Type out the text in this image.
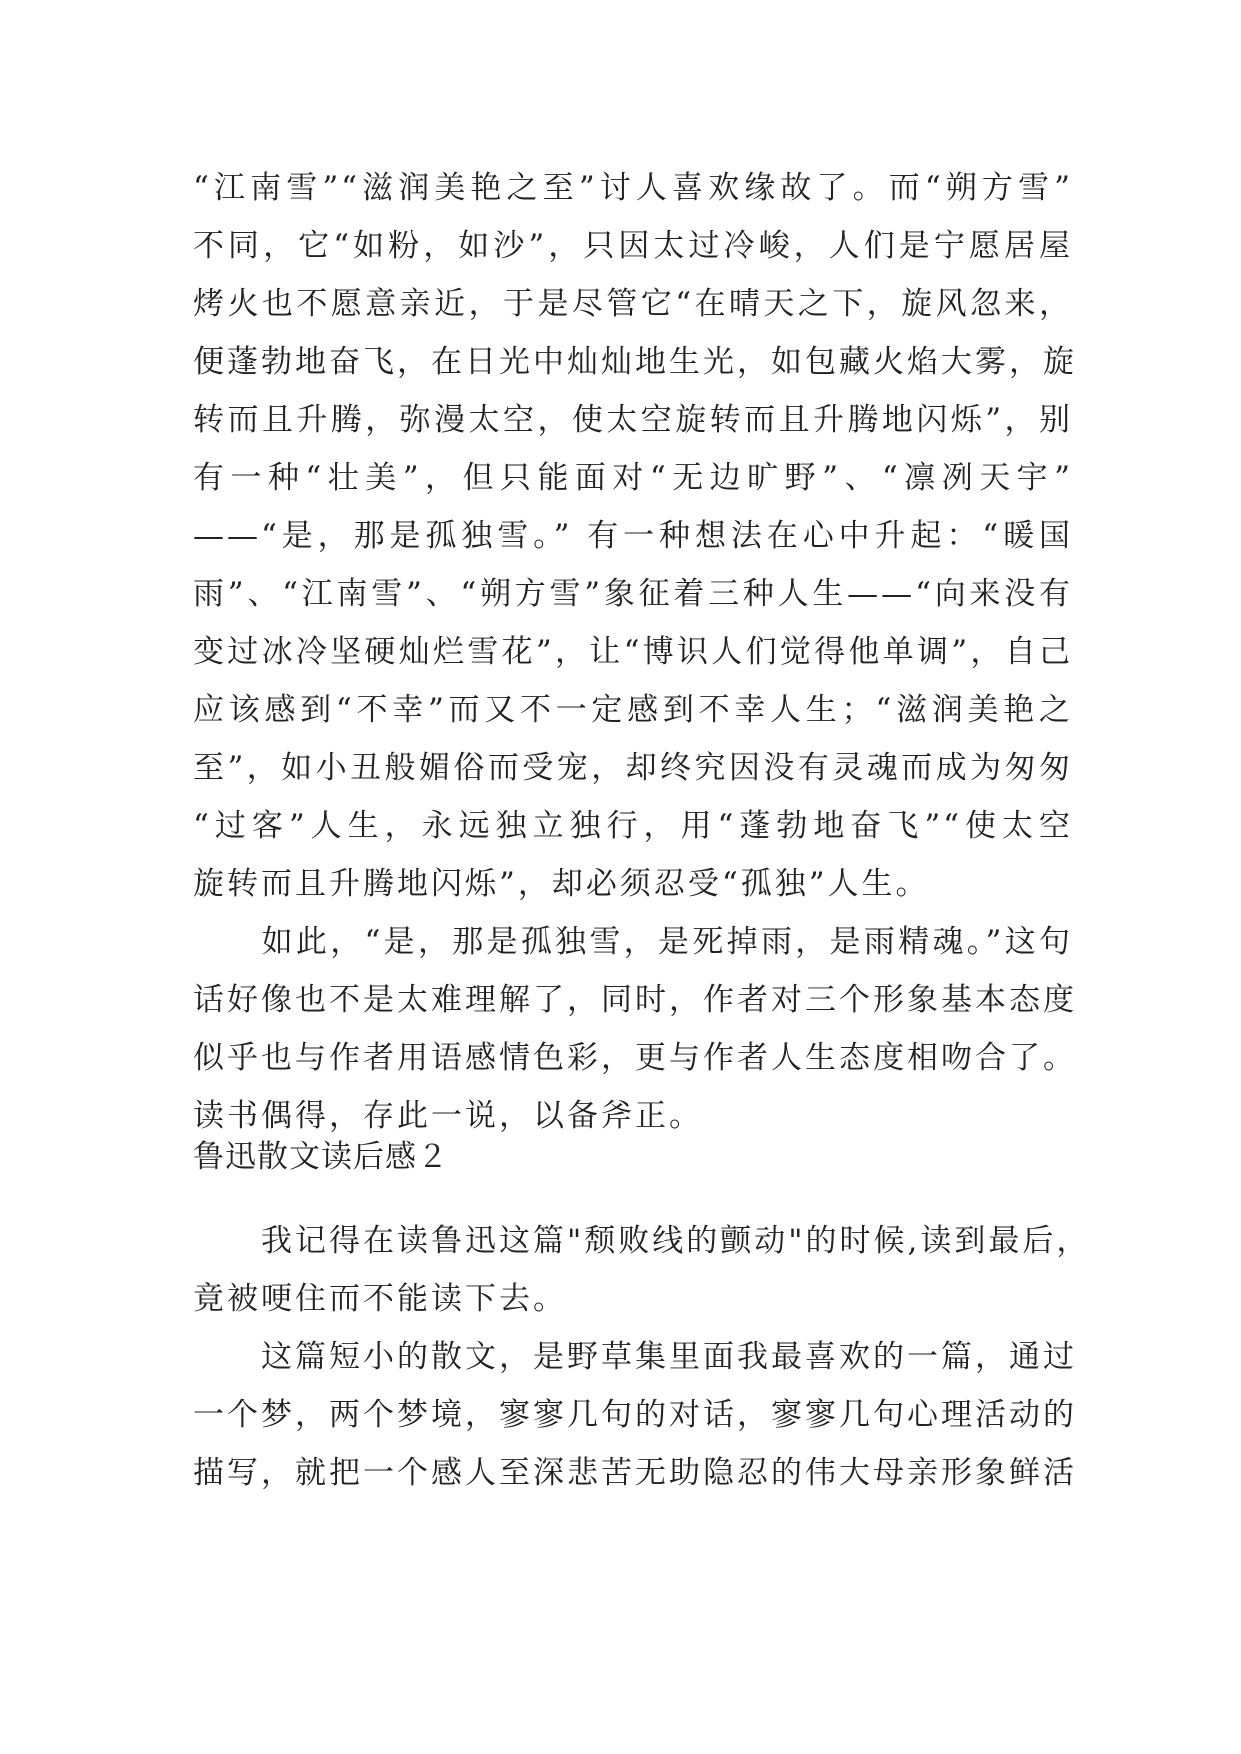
“江南雪”“滋润美艳之至”讨人喜欢缘故了。而“朔方雪”
不同，它“如粉，如沙”，只因太过冷峻，人们是宁愿居屋
烤火也不愿意亲近，于是尽管它“在晴天之下，旋风忽来，
便蓬勃地奋飞，在日光中灿灿地生光，如包藏火焰大雾，旋
转而且升腾，弥漫太空，使太空旋转而且升腾地闪烁”，别
有一种“壮美”，但只能面对“无边旷野”、“凛冽天宇”
——“是，那是孤独雪。” 有一种想法在心中升起：“暖国
雨”、“江南雪”、“朔方雪”象征着三种人生——“向来没有
变过冰冷坚硬灿烂雪花”，让“博识人们觉得他单调”，自己
应该感到“不幸”而又不一定感到不幸人生；“滋润美艳之
至”，如小丑般媚俗而受宠，却终究因没有灵魂而成为匆匆
“过客”人生，永远独立独行，用“蓬勃地奋飞”“使太空
旋转而且升腾地闪烁”，却必须忍受“孤独”人生。
　　如此，“是，那是孤独雪，是死掉雨，是雨精魂。”这句
话好像也不是太难理解了，同时，作者对三个形象基本态度
似乎也与作者用语感情色彩，更与作者人生态度相吻合了。
读书偶得，存此一说，以备斧正。
鲁迅散文读后感２
　　我记得在读鲁迅这篇"颓败线的颤动"的时候,读到最后，
竟被哽住而不能读下去。
　　这篇短小的散文，是野草集里面我最喜欢的一篇，通过
一个梦，两个梦境，寥寥几句的对话，寥寥几句心理活动的
描写，就把一个感人至深悲苦无助隐忍的伟大母亲形象鲜活
